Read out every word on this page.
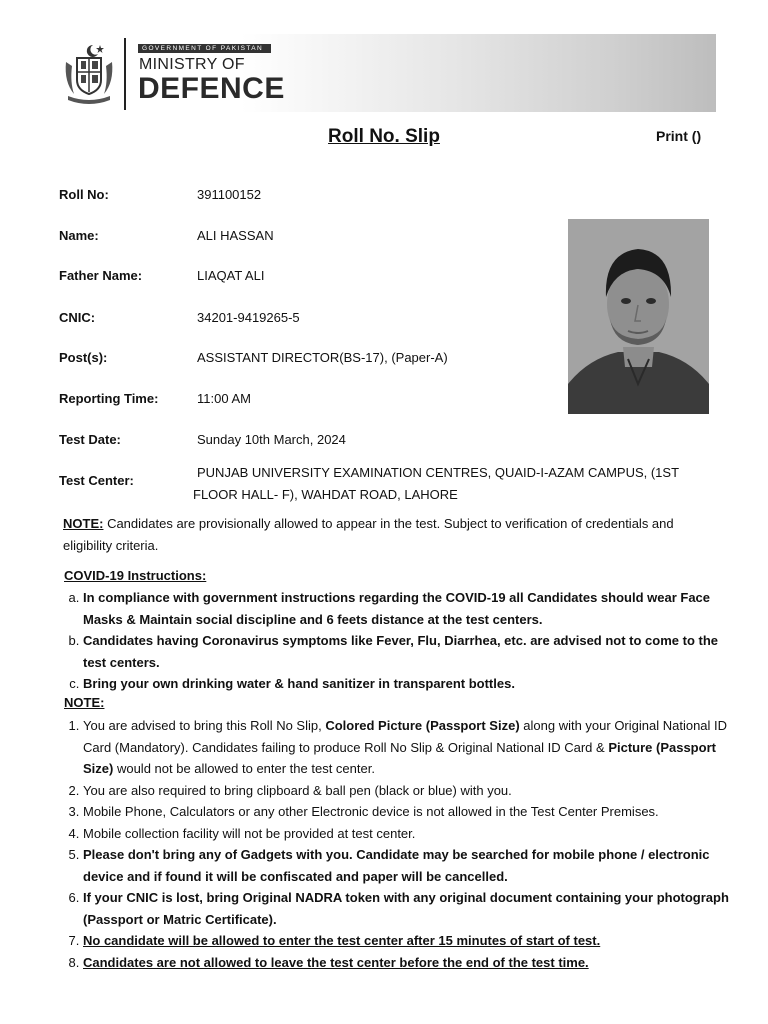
GOVERNMENT OF PAKISTAN
MINISTRY OF
DEFENCE
Roll No. Slip	Print ()
Roll No:	391100152
Name:	ALI HASSAN
Father Name:	LIAQAT ALI
CNIC:	34201-9419265-5
Post(s):	ASSISTANT DIRECTOR(BS-17), (Paper-A)
Reporting Time:	11:00 AM
Test Date:	Sunday 10th March, 2024
Test Center:
PUNJAB UNIVERSITY EXAMINATION CENTRES, QUAID-I-AZAM CAMPUS, (1ST FLOOR HALL- F), WAHDAT ROAD, LAHORE
NOTE: Candidates are provisionally allowed to appear in the test. Subject to verification of credentials and eligibility criteria.
COVID-19 Instructions:
a. In compliance with government instructions regarding the COVID-19 all Candidates should wear Face Masks & Maintain social discipline and 6 feets distance at the test centers.
b. Candidates having Coronavirus symptoms like Fever, Flu, Diarrhea, etc. are advised not to come to the test centers.
c. Bring your own drinking water & hand sanitizer in transparent bottles.
NOTE:
1. You are advised to bring this Roll No Slip, Colored Picture (Passport Size) along with your Original National ID Card (Mandatory). Candidates failing to produce Roll No Slip & Original National ID Card & Picture (Passport Size) would not be allowed to enter the test center.
2. You are also required to bring clipboard & ball pen (black or blue) with you.
3. Mobile Phone, Calculators or any other Electronic device is not allowed in the Test Center Premises.
4. Mobile collection facility will not be provided at test center.
5. Please don't bring any of Gadgets with you. Candidate may be searched for mobile phone / electronic device and if found it will be confiscated and paper will be cancelled.
6. If your CNIC is lost, bring Original NADRA token with any original document containing your photograph (Passport or Matric Certificate).
7. No candidate will be allowed to enter the test center after 15 minutes of start of test.
8. Candidates are not allowed to leave the test center before the end of the test time.
